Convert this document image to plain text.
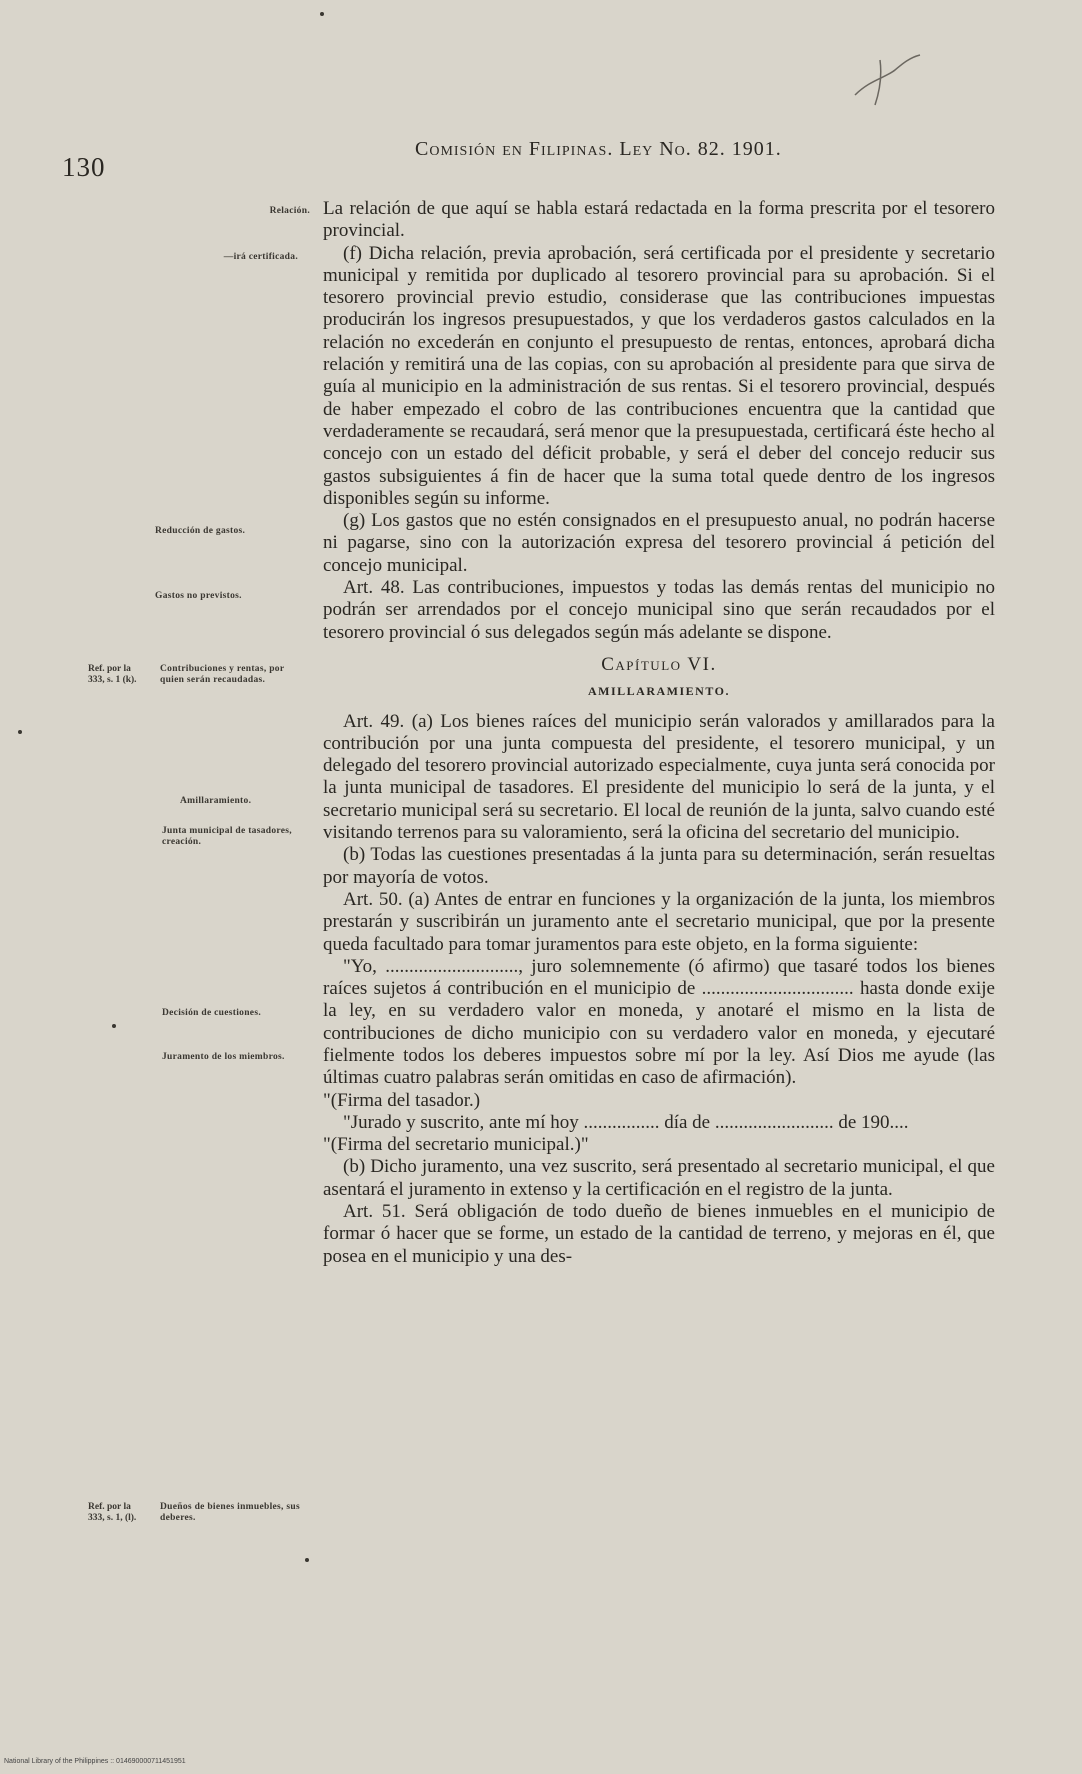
130
Comisión en Filipinas. Ley No. 82. 1901.
Relación.
—irá certificada.
Reducción de gastos.
Gastos no previstos.
Ref. por la 333, s. 1 (k).
Contribuciones y rentas, por quien serán recaudadas.
Amillaramiento.
Junta municipal de tasadores, creación.
Decisión de cuestiones.
Juramento de los miembros.
Ref. por la 333, s. 1, (l).
Dueños de bienes inmuebles, sus deberes.

La relación de que aquí se habla estará redactada en la forma prescrita por el tesorero provincial.

(f) Dicha relación, previa aprobación, será certificada por el presidente y secretario municipal y remitida por duplicado al tesorero provincial para su aprobación. Si el tesorero provincial previo estudio, considerase que las contribuciones impuestas producirán los ingresos presupuestados, y que los verdaderos gastos calculados en la relación no excederán en conjunto el presupuesto de rentas, entonces, aprobará dicha relación y remitirá una de las copias, con su aprobación al presidente para que sirva de guía al municipio en la administración de sus rentas. Si el tesorero provincial, después de haber empezado el cobro de las contribuciones encuentra que la cantidad que verdaderamente se recaudará, será menor que la presupuestada, certificará éste hecho al concejo con un estado del déficit probable, y será el deber del concejo reducir sus gastos subsiguientes á fin de hacer que la suma total quede dentro de los ingresos disponibles según su informe.

(g) Los gastos que no estén consignados en el presupuesto anual, no podrán hacerse ni pagarse, sino con la autorización expresa del tesorero provincial á petición del concejo municipal.

Art. 48. Las contribuciones, impuestos y todas las demás rentas del municipio no podrán ser arrendados por el concejo municipal sino que serán recaudados por el tesorero provincial ó sus delegados según más adelante se dispone.

Capítulo VI.
AMILLARAMIENTO.

Art. 49. (a) Los bienes raíces del municipio serán valorados y amillarados para la contribución por una junta compuesta del presidente, el tesorero municipal, y un delegado del tesorero provincial autorizado especialmente, cuya junta será conocida por la junta municipal de tasadores. El presidente del municipio lo será de la junta, y el secretario municipal será su secretario. El local de reunión de la junta, salvo cuando esté visitando terrenos para su valoramiento, será la oficina del secretario del municipio.

(b) Todas las cuestiones presentadas á la junta para su determinación, serán resueltas por mayoría de votos.

Art. 50. (a) Antes de entrar en funciones y la organización de la junta, los miembros prestarán y suscribirán un juramento ante el secretario municipal, que por la presente queda facultado para tomar juramentos para este objeto, en la forma siguiente:

"Yo, ............................, juro solemnemente (ó afirmo) que tasaré todos los bienes raíces sujetos á contribución en el municipio de ................................ hasta donde exije la ley, en su verdadero valor en moneda, y anotaré el mismo en la lista de contribuciones de dicho municipio con su verdadero valor en moneda, y ejecutaré fielmente todos los deberes impuestos sobre mí por la ley. Así Dios me ayude (las últimas cuatro palabras serán omitidas en caso de afirmación).

"(Firma del tasador.)

"Jurado y suscrito, ante mí hoy ................ día de ......................... de 190....

"(Firma del secretario municipal.)"

(b) Dicho juramento, una vez suscrito, será presentado al secretario municipal, el que asentará el juramento in extenso y la certificación en el registro de la junta.

Art. 51. Será obligación de todo dueño de bienes inmuebles en el municipio de formar ó hacer que se forme, un estado de la cantidad de terreno, y mejoras en él, que posea en el municipio y una des-

National Library of the Philippines :: 014690000711451951
